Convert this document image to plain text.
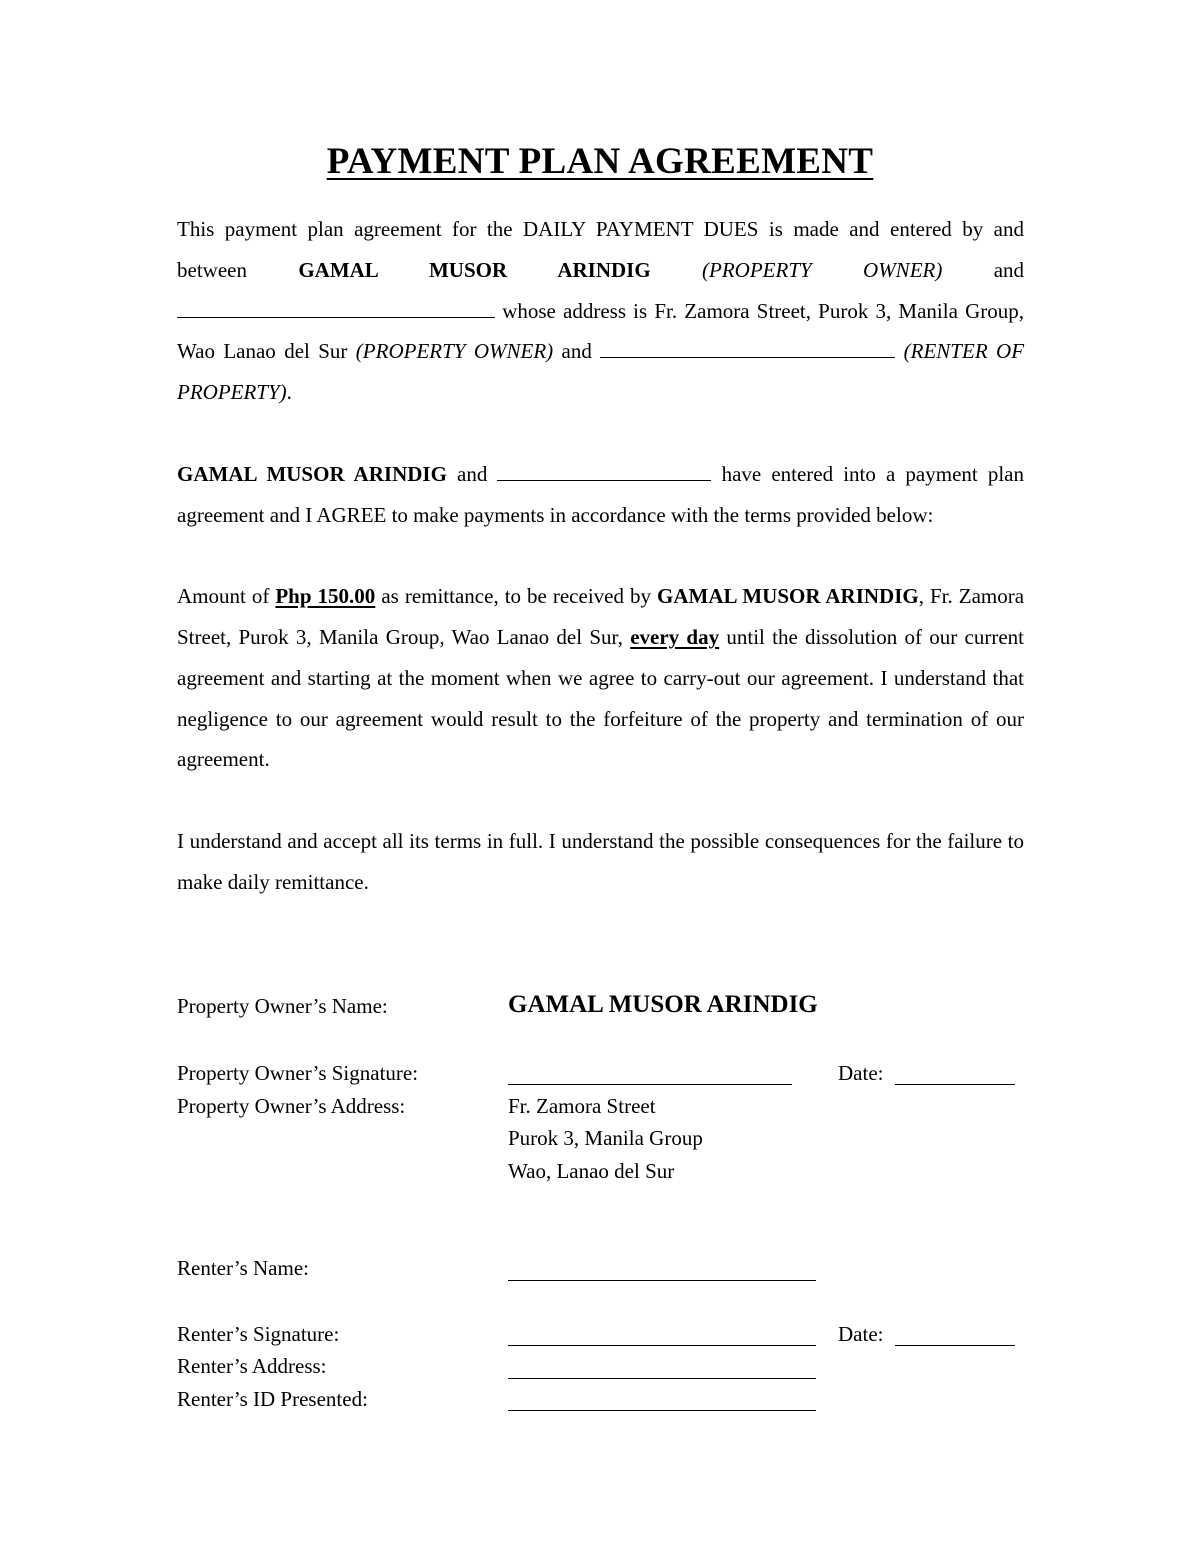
PAYMENT PLAN AGREEMENT

This payment plan agreement for the DAILY PAYMENT DUES is made and entered by and between GAMAL MUSOR ARINDIG (PROPERTY OWNER) and  whose address is Fr. Zamora Street, Purok 3, Manila Group, Wao Lanao del Sur (PROPERTY OWNER) and	(RENTER OF PROPERTY).

GAMAL MUSOR ARINDIG and	have entered into a payment plan agreement and I AGREE to make payments in accordance with the terms provided below:

Amount of Php 150.00 as remittance, to be received by GAMAL MUSOR ARINDIG, Fr. Zamora Street, Purok 3, Manila Group, Wao Lanao del Sur, every day until the dissolution of our current agreement and starting at the moment when we agree to carry-out our agreement. I understand that negligence to our agreement would result to the forfeiture of the property and termination of our agreement.

I understand and accept all its terms in full. I understand the possible consequences for the failure to make daily remittance.

Property Owner’s Name:	GAMAL MUSOR ARINDIG
Property Owner’s Signature:	Date:
Property Owner’s Address:	Fr. Zamora Street
Purok 3, Manila Group
Wao, Lanao del Sur
Renter’s Name:
Renter’s Signature:	Date:
Renter’s Address:
Renter’s ID Presented:
